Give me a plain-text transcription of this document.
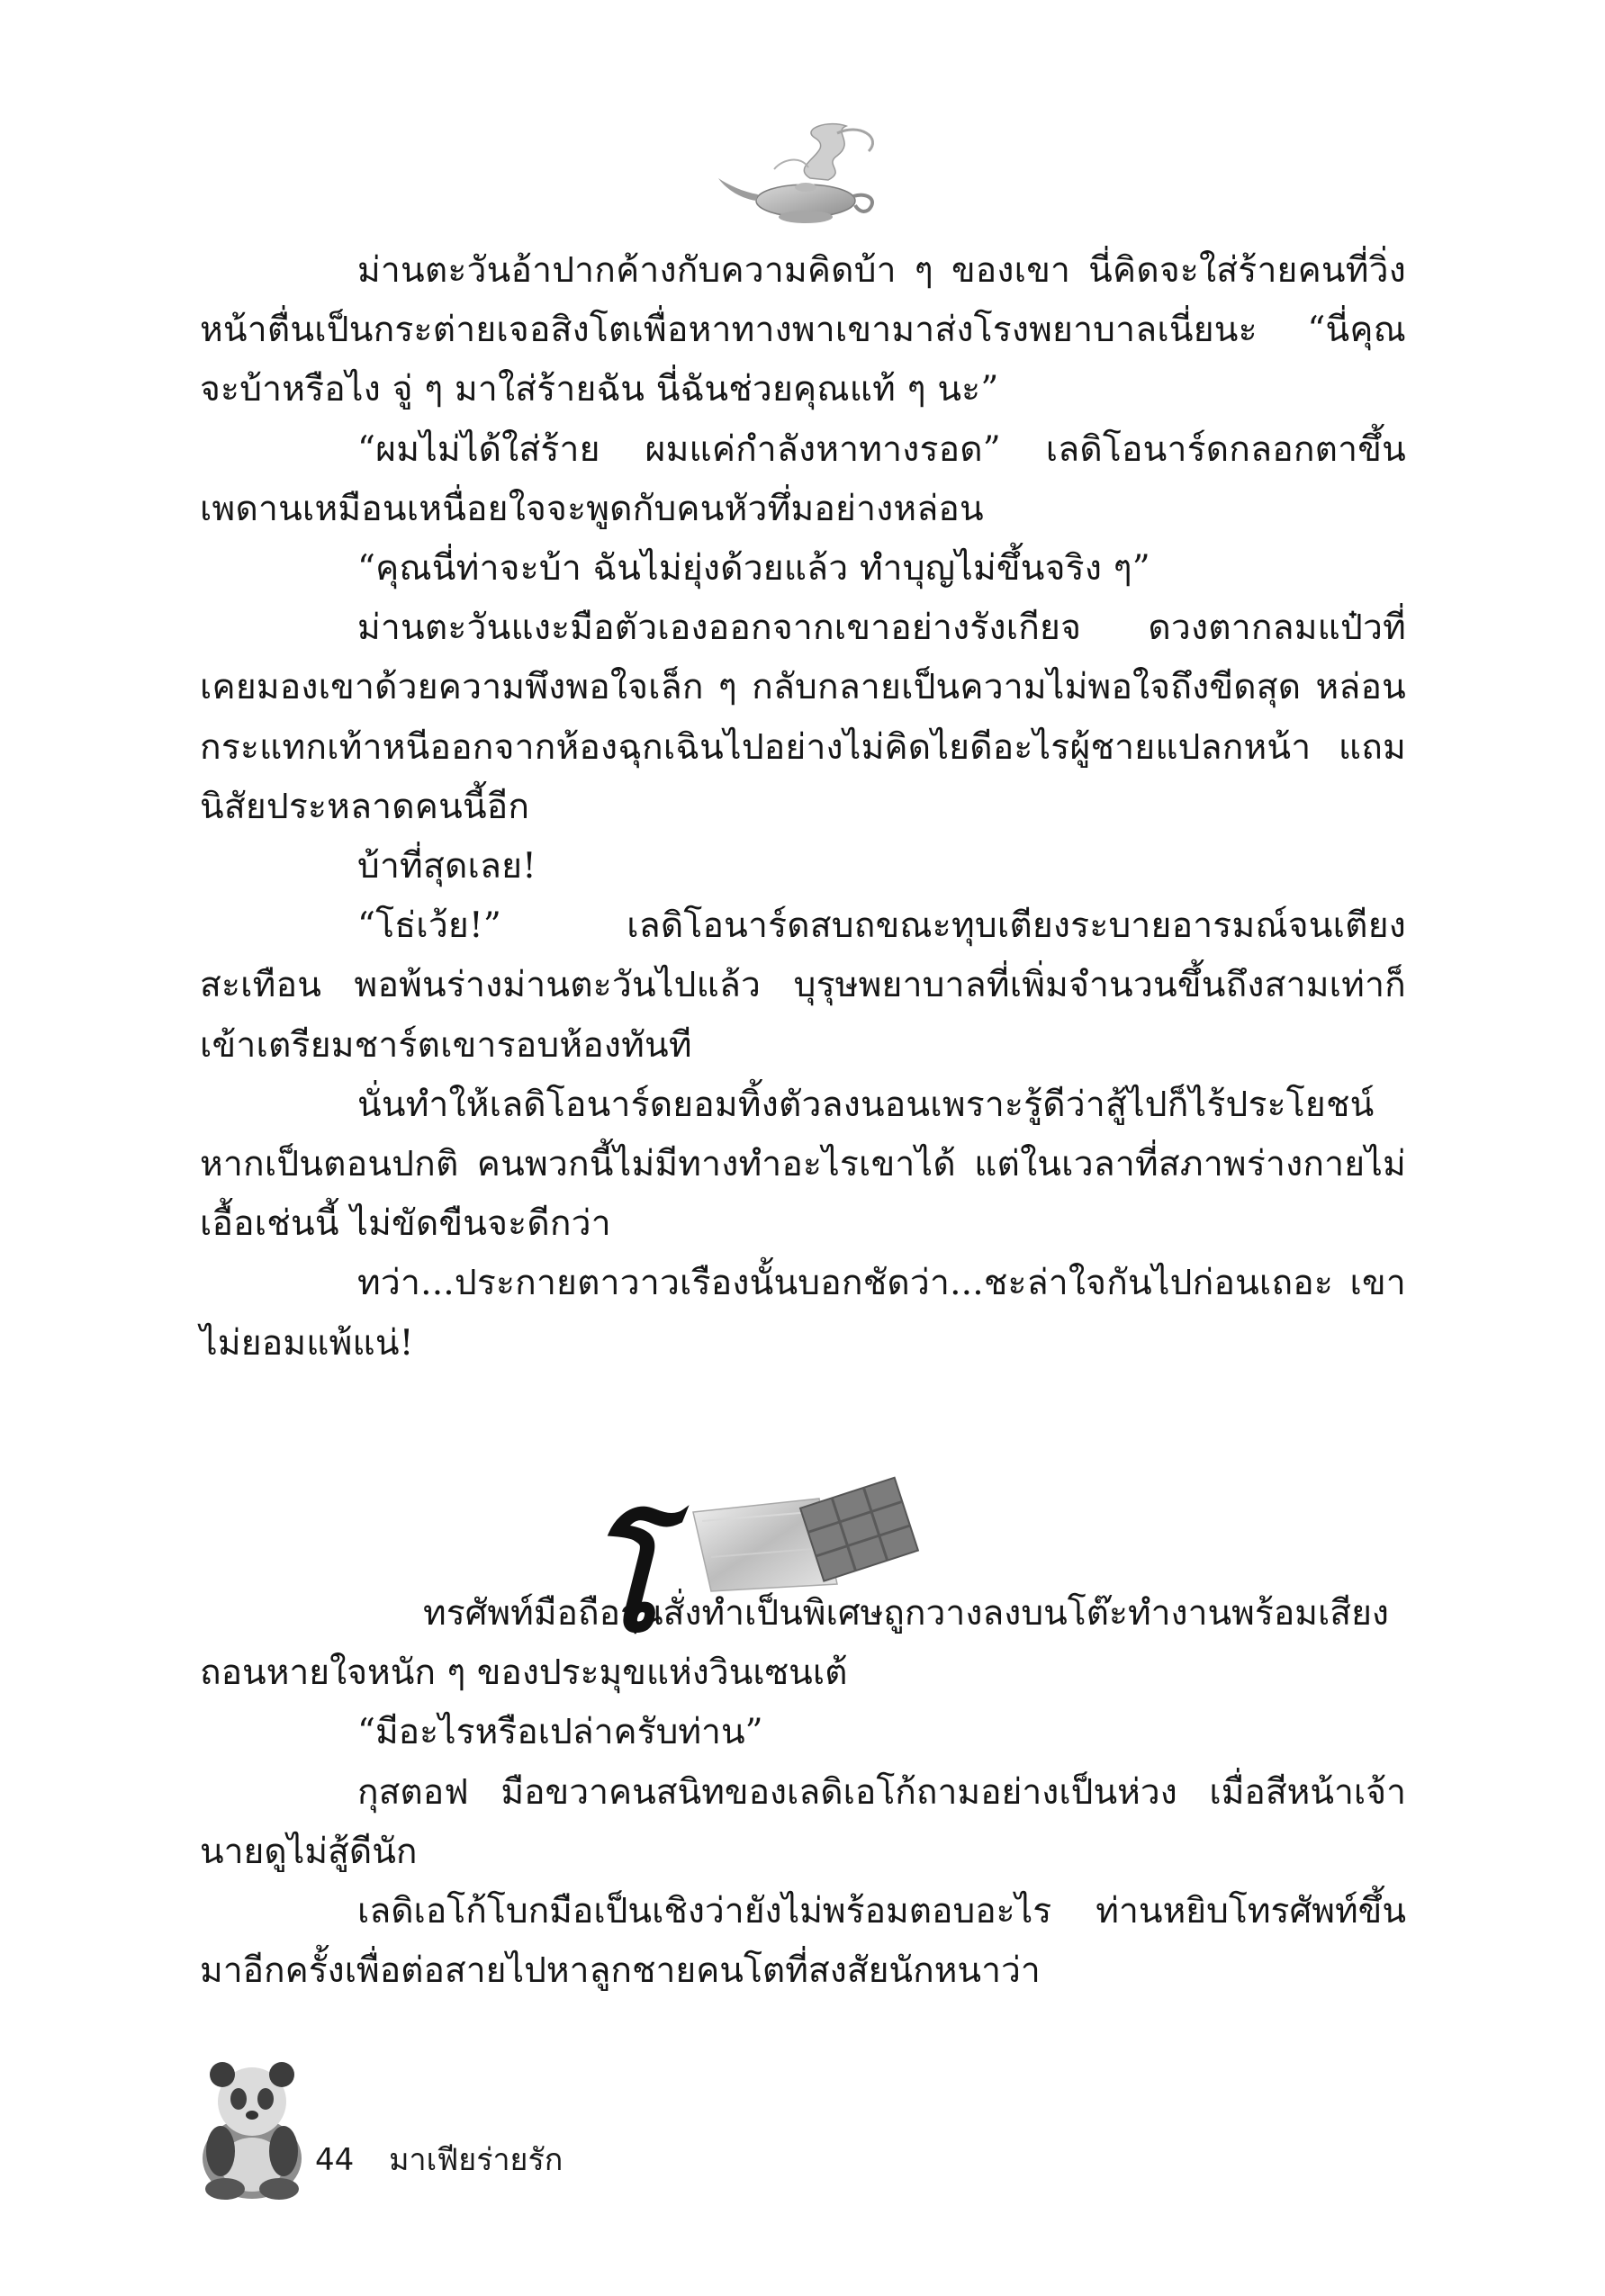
ม่านตะวันอ้าปากค้างกับความคิดบ้า ๆ ของเขา นี่คิดจะใส่ร้ายคนที่วิ่งหน้าตื่นเป็นกระต่ายเจอสิงโตเพื่อหาทางพาเขามาส่งโรงพยาบาลเนี่ยนะ “นี่คุณจะบ้าหรือไง จู่ ๆ มาใส่ร้ายฉัน นี่ฉันช่วยคุณแท้ ๆ นะ”

“ผมไม่ได้ใส่ร้าย ผมแค่กำลังหาทางรอด” เลดิโอนาร์ดกลอกตาขึ้นเพดานเหมือนเหนื่อยใจจะพูดกับคนหัวทึ่มอย่างหล่อน

“คุณนี่ท่าจะบ้า ฉันไม่ยุ่งด้วยแล้ว ทำบุญไม่ขึ้นจริง ๆ”

ม่านตะวันแงะมือตัวเองออกจากเขาอย่างรังเกียจ ดวงตากลมแป๋วที่เคยมองเขาด้วยความพึงพอใจเล็ก ๆ กลับกลายเป็นความไม่พอใจถึงขีดสุด หล่อนกระแทกเท้าหนีออกจากห้องฉุกเฉินไปอย่างไม่คิดไยดีอะไรผู้ชายแปลกหน้า แถมนิสัยประหลาดคนนี้อีก

บ้าที่สุดเลย!

“โธ่เว้ย!” เลดิโอนาร์ดสบถขณะทุบเตียงระบายอารมณ์จนเตียงสะเทือน พอพ้นร่างม่านตะวันไปแล้ว บุรุษพยาบาลที่เพิ่มจำนวนขึ้นถึงสามเท่าก็เข้าเตรียมชาร์ตเขารอบห้องทันที

นั่นทำให้เลดิโอนาร์ดยอมทิ้งตัวลงนอนเพราะรู้ดีว่าสู้ไปก็ไร้ประโยชน์ หากเป็นตอนปกติ คนพวกนี้ไม่มีทางทำอะไรเขาได้ แต่ในเวลาที่สภาพร่างกายไม่เอื้อเช่นนี้ ไม่ขัดขืนจะดีกว่า

ทว่า...ประกายตาวาวเรืองนั้นบอกชัดว่า...ชะล่าใจกันไปก่อนเถอะ เขาไม่ยอมแพ้แน่!

โ
ทรศัพท์มือถือรุ่นสั่งทำเป็นพิเศษถูกวางลงบนโต๊ะทำงานพร้อมเสียงถอนหายใจหนัก ๆ ของประมุขแห่งวินเซนเต้

“มีอะไรหรือเปล่าครับท่าน”

กุสตอฟ มือขวาคนสนิทของเลดิเอโก้ถามอย่างเป็นห่วง เมื่อสีหน้าเจ้านายดูไม่สู้ดีนัก

เลดิเอโก้โบกมือเป็นเชิงว่ายังไม่พร้อมตอบอะไร ท่านหยิบโทรศัพท์ขึ้นมาอีกครั้งเพื่อต่อสายไปหาลูกชายคนโตที่สงสัยนักหนาว่า

44 มาเฟียร่ายรัก
